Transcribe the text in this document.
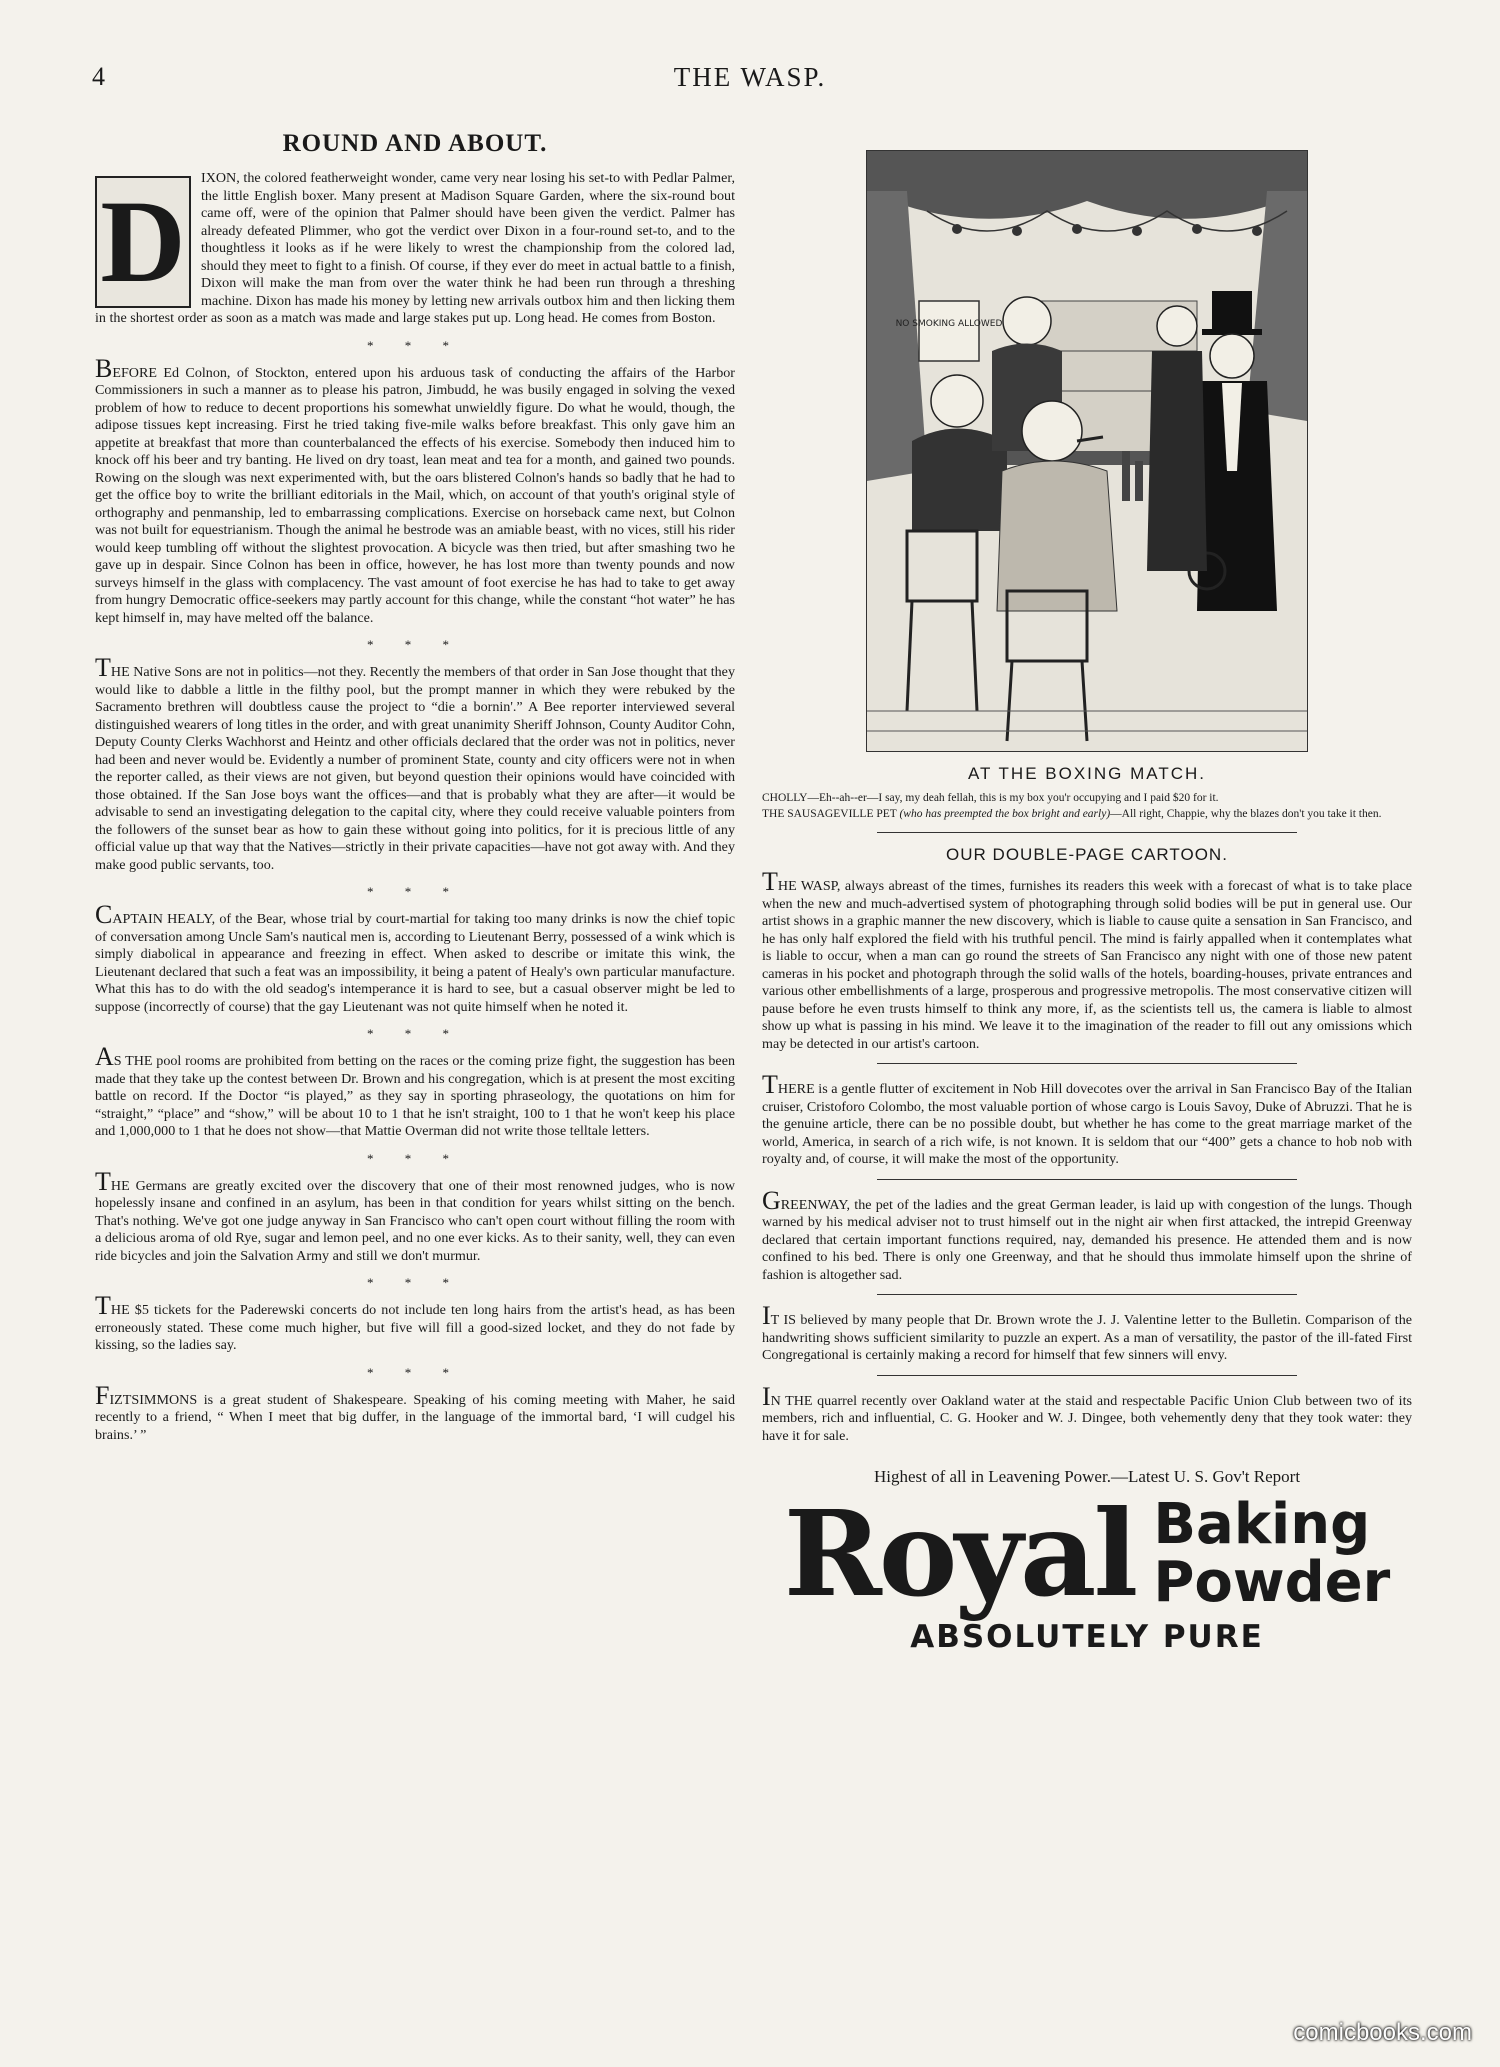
4	THE WASP.
ROUND AND ABOUT.
D	IXON, the colored featherweight wonder, came very near losing his set-to with Pedlar Palmer, the little English boxer. Many present at Madison Square Garden, where the six-round bout came off, were of the opinion that Palmer should have been given the verdict. Palmer has already defeated Plimmer, who got the verdict over Dixon in a four-round set-to, and to the thoughtless it looks as if he were likely to wrest the championship from the colored lad, should they meet to fight to a finish. Of course, if they ever do meet in actual battle to a finish, Dixon will make the man from over the water think he had been run through a threshing machine. Dixon has made his money by letting new arrivals outbox him and then licking them in the shortest order as soon as a match was made and large stakes put up. Long head. He comes from Boston.

* * *

BEFORE Ed Colnon, of Stockton, entered upon his arduous task of conducting the affairs of the Harbor Commissioners in such a manner as to please his patron, Jimbudd, he was busily engaged in solving the vexed problem of how to reduce to decent proportions his somewhat unwieldly figure. Do what he would, though, the adipose tissues kept increasing. First he tried taking five-mile walks before breakfast. This only gave him an appetite at breakfast that more than counterbalanced the effects of his exercise. Somebody then induced him to knock off his beer and try banting. He lived on dry toast, lean meat and tea for a month, and gained two pounds. Rowing on the slough was next experimented with, but the oars blistered Colnon's hands so badly that he had to get the office boy to write the brilliant editorials in the Mail, which, on account of that youth's original style of orthography and penmanship, led to embarrassing complications. Exercise on horseback came next, but Colnon was not built for equestrianism. Though the animal he bestrode was an amiable beast, with no vices, still his rider would keep tumbling off without the slightest provocation. A bicycle was then tried, but after smashing two he gave up in despair. Since Colnon has been in office, however, he has lost more than twenty pounds and now surveys himself in the glass with complacency. The vast amount of foot exercise he has had to take to get away from hungry Democratic office-seekers may partly account for this change, while the constant “hot water” he has kept himself in, may have melted off the balance.

* * *

THE Native Sons are not in politics—not they. Recently the members of that order in San Jose thought that they would like to dabble a little in the filthy pool, but the prompt manner in which they were rebuked by the Sacramento brethren will doubtless cause the project to “die a bornin'.” A Bee reporter interviewed several distinguished wearers of long titles in the order, and with great unanimity Sheriff Johnson, County Auditor Cohn, Deputy County Clerks Wachhorst and Heintz and other officials declared that the order was not in politics, never had been and never would be. Evidently a number of prominent State, county and city officers were not in when the reporter called, as their views are not given, but beyond question their opinions would have coincided with those obtained. If the San Jose boys want the offices—and that is probably what they are after—it would be advisable to send an investigating delegation to the capital city, where they could receive valuable pointers from the followers of the sunset bear as how to gain these without going into politics, for it is precious little of any official value up that way that the Natives—strictly in their private capacities—have not got away with. And they make good public servants, too.

* * *

CAPTAIN HEALY, of the Bear, whose trial by court-martial for taking too many drinks is now the chief topic of conversation among Uncle Sam's nautical men is, according to Lieutenant Berry, possessed of a wink which is simply diabolical in appearance and freezing in effect. When asked to describe or imitate this wink, the Lieutenant declared that such a feat was an impossibility, it being a patent of Healy's own particular manufacture. What this has to do with the old seadog's intemperance it is hard to see, but a casual observer might be led to suppose (incorrectly of course) that the gay Lieutenant was not quite himself when he noted it.

* * *

AS THE pool rooms are prohibited from betting on the races or the coming prize fight, the suggestion has been made that they take up the contest between Dr. Brown and his congregation, which is at present the most exciting battle on record. If the Doctor “is played,” as they say in sporting phraseology, the quotations on him for “straight,” “place” and “show,” will be about 10 to 1 that he isn't straight, 100 to 1 that he won't keep his place and 1,000,000 to 1 that he does not show—that Mattie Overman did not write those telltale letters.

* * *

THE Germans are greatly excited over the discovery that one of their most renowned judges, who is now hopelessly insane and confined in an asylum, has been in that condition for years whilst sitting on the bench. That's nothing. We've got one judge anyway in San Francisco who can't open court without filling the room with a delicious aroma of old Rye, sugar and lemon peel, and no one ever kicks. As to their sanity, well, they can even ride bicycles and join the Salvation Army and still we don't murmur.

* * *

THE $5 tickets for the Paderewski concerts do not include ten long hairs from the artist's head, as has been erroneously stated. These come much higher, but five will fill a good-sized locket, and they do not fade by kissing, so the ladies say.

* * *

FIZTSIMMONS is a great student of Shakespeare. Speaking of his coming meeting with Maher, he said recently to a friend, “ When I meet that big duffer, in the language of the immortal bard, ‘I will cudgel his brains.’ ”

NO SMOKING ALLOWED
AT THE BOXING MATCH.

CHOLLY—Eh--ah--er—I say, my deah fellah, this is my box you'r occupying and I paid $20 for it.

THE SAUSAGEVILLE PET (who has preempted the box bright and early)—All right, Chappie, why the blazes don't you take it then.

OUR DOUBLE-PAGE CARTOON.

THE WASP, always abreast of the times, furnishes its readers this week with a forecast of what is to take place when the new and much-advertised system of photographing through solid bodies will be put in general use. Our artist shows in a graphic manner the new discovery, which is liable to cause quite a sensation in San Francisco, and he has only half explored the field with his truthful pencil. The mind is fairly appalled when it contemplates what is liable to occur, when a man can go round the streets of San Francisco any night with one of those new patent cameras in his pocket and photograph through the solid walls of the hotels, boarding-houses, private entrances and various other embellishments of a large, prosperous and progressive metropolis. The most conservative citizen will pause before he even trusts himself to think any more, if, as the scientists tell us, the camera is liable to almost show up what is passing in his mind. We leave it to the imagination of the reader to fill out any omissions which may be detected in our artist's cartoon.

THERE is a gentle flutter of excitement in Nob Hill dovecotes over the arrival in San Francisco Bay of the Italian cruiser, Cristoforo Colombo, the most valuable portion of whose cargo is Louis Savoy, Duke of Abruzzi. That he is the genuine article, there can be no possible doubt, but whether he has come to the great marriage market of the world, America, in search of a rich wife, is not known. It is seldom that our “400” gets a chance to hob nob with royalty and, of course, it will make the most of the opportunity.

GREENWAY, the pet of the ladies and the great German leader, is laid up with congestion of the lungs. Though warned by his medical adviser not to trust himself out in the night air when first attacked, the intrepid Greenway declared that certain important functions required, nay, demanded his presence. He attended them and is now confined to his bed. There is only one Greenway, and that he should thus immolate himself upon the shrine of fashion is altogether sad.

IT IS believed by many people that Dr. Brown wrote the J. J. Valentine letter to the Bulletin. Comparison of the handwriting shows sufficient similarity to puzzle an expert. As a man of versatility, the pastor of the ill-fated First Congregational is certainly making a record for himself that few sinners will envy.

IN THE quarrel recently over Oakland water at the staid and respectable Pacific Union Club between two of its members, rich and influential, C. G. Hooker and W. J. Dingee, both vehemently deny that they took water: they have it for sale.

Highest of all in Leavening Power.—Latest U. S. Gov't Report
Royal Baking
Powder
ABSOLUTELY PURE
comicbooks.com
